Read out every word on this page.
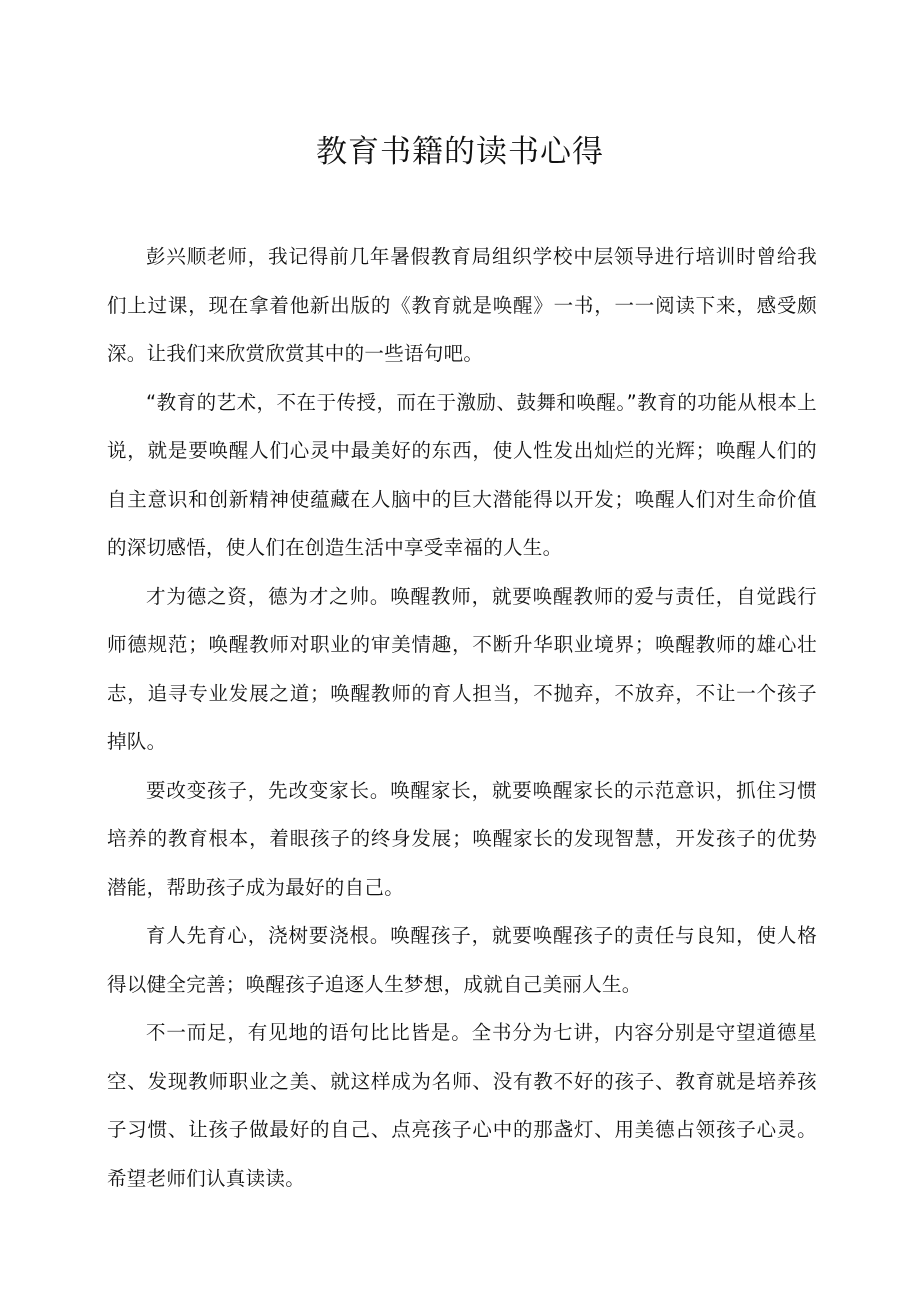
教育书籍的读书心得

彭兴顺老师，我记得前几年暑假教育局组织学校中层领导进行培训时曾给我们上过课，现在拿着他新出版的《教育就是唤醒》一书，一一阅读下来，感受颇深。让我们来欣赏欣赏其中的一些语句吧。

“教育的艺术，不在于传授，而在于激励、鼓舞和唤醒。”教育的功能从根本上说，就是要唤醒人们心灵中最美好的东西，使人性发出灿烂的光辉；唤醒人们的自主意识和创新精神使蕴藏在人脑中的巨大潜能得以开发；唤醒人们对生命价值的深切感悟，使人们在创造生活中享受幸福的人生。

才为德之资，德为才之帅。唤醒教师，就要唤醒教师的爱与责任，自觉践行师德规范；唤醒教师对职业的审美情趣，不断升华职业境界；唤醒教师的雄心壮志，追寻专业发展之道；唤醒教师的育人担当，不抛弃，不放弃，不让一个孩子掉队。

要改变孩子，先改变家长。唤醒家长，就要唤醒家长的示范意识，抓住习惯培养的教育根本，着眼孩子的终身发展；唤醒家长的发现智慧，开发孩子的优势潜能，帮助孩子成为最好的自己。

育人先育心，浇树要浇根。唤醒孩子，就要唤醒孩子的责任与良知，使人格得以健全完善；唤醒孩子追逐人生梦想，成就自己美丽人生。

不一而足，有见地的语句比比皆是。全书分为七讲，内容分别是守望道德星空、发现教师职业之美、就这样成为名师、没有教不好的孩子、教育就是培养孩子习惯、让孩子做最好的自己、点亮孩子心中的那盏灯、用美德占领孩子心灵。希望老师们认真读读。
